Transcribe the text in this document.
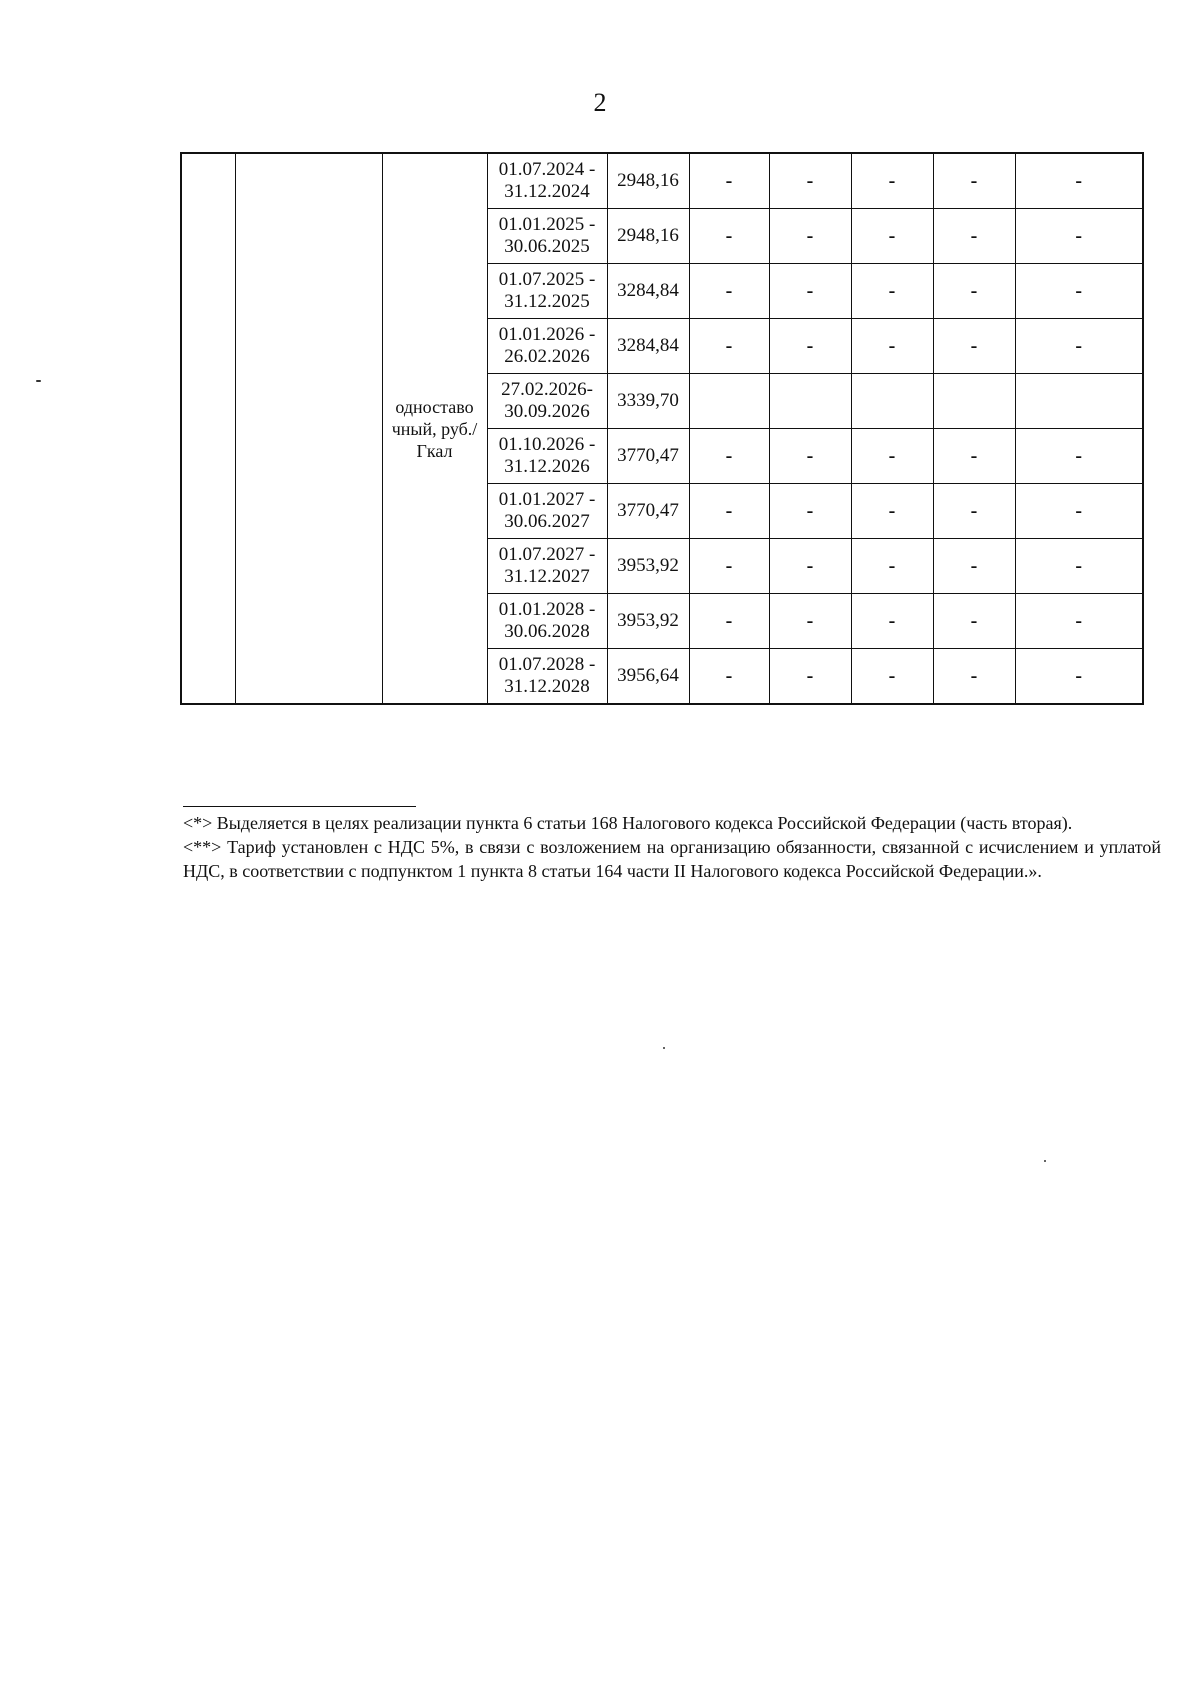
2
		одноставо чный, руб./Гкал	01.07.2024 - 31.12.2024	2948,16	-	-	-	-	-
			01.01.2025 - 30.06.2025	2948,16	-	-	-	-	-
			01.07.2025 - 31.12.2025	3284,84	-	-	-	-	-
			01.01.2026 - 26.02.2026	3284,84	-	-	-	-	-
			27.02.2026- 30.09.2026	3339,70					
			01.10.2026 - 31.12.2026	3770,47	-	-	-	-	-
			01.01.2027 - 30.06.2027	3770,47	-	-	-	-	-
			01.07.2027 - 31.12.2027	3953,92	-	-	-	-	-
			01.01.2028 - 30.06.2028	3953,92	-	-	-	-	-
			01.07.2028 - 31.12.2028	3956,64	-	-	-	-	-

<*> Выделяется в целях реализации пункта 6 статьи 168 Налогового кодекса Российской Федерации (часть вторая).

<**> Тариф установлен с НДС 5%, в связи с возложением на организацию обязанности, связанной с исчислением и уплатой НДС, в соответствии с подпунктом 1 пункта 8 статьи 164 части II Налогового кодекса Российской Федерации.».
